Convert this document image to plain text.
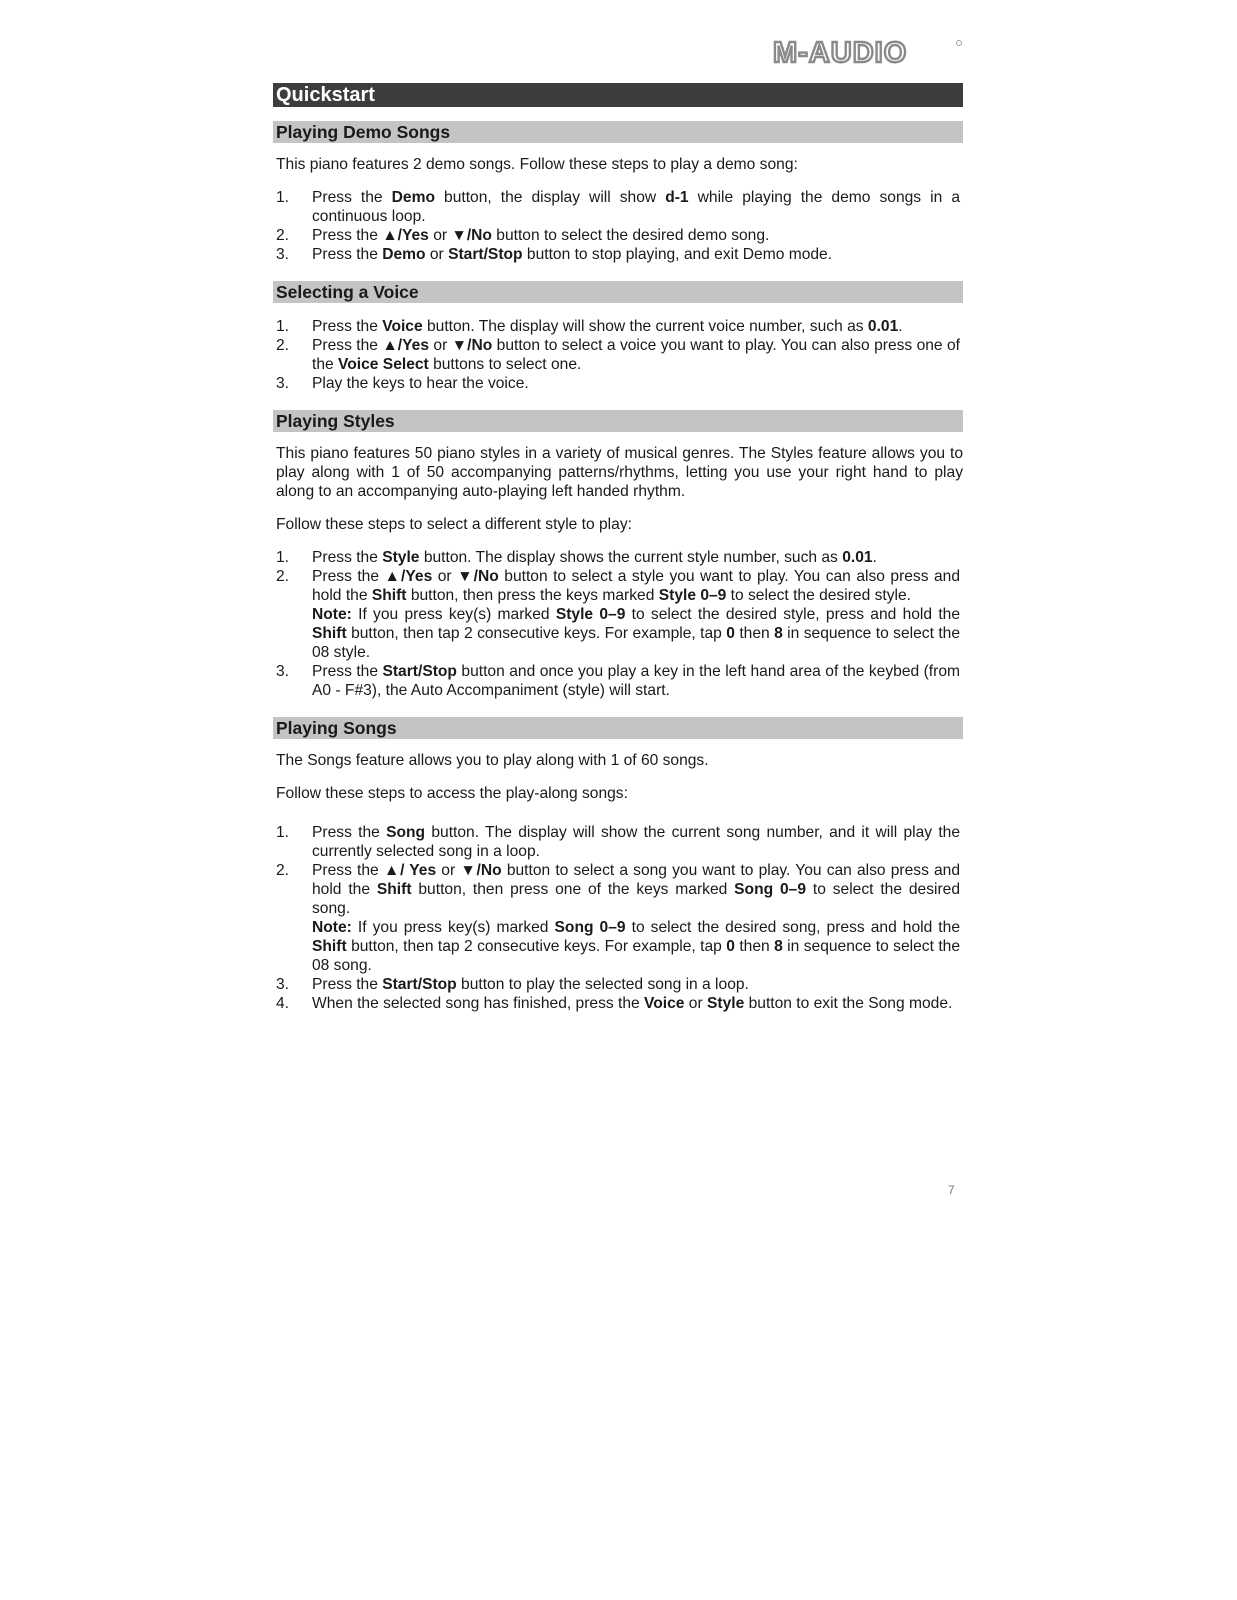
M-AUDIO
Quickstart
Playing Demo Songs

This piano features 2 demo songs. Follow these steps to play a demo song:

1. Press the Demo button, the display will show d-1 while playing the demo songs in a continuous loop.
2. Press the ▲/Yes or ▼/No button to select the desired demo song.
3. Press the Demo or Start/Stop button to stop playing, and exit Demo mode.
Selecting a Voice
1. Press the Voice button. The display will show the current voice number, such as 0.01.
2. Press the ▲/Yes or ▼/No button to select a voice you want to play. You can also press one of the Voice Select buttons to select one.
3. Play the keys to hear the voice.
Playing Styles

This piano features 50 piano styles in a variety of musical genres. The Styles feature allows you to play along with 1 of 50 accompanying patterns/rhythms, letting you use your right hand to play along to an accompanying auto-playing left handed rhythm.

Follow these steps to select a different style to play:

1. Press the Style button. The display shows the current style number, such as 0.01.
2. Press the ▲/Yes or ▼/No button to select a style you want to play. You can also press and hold the Shift button, then press the keys marked Style 0–9 to select the desired style.
Note: If you press key(s) marked Style 0–9 to select the desired style, press and hold the Shift button, then tap 2 consecutive keys. For example, tap 0 then 8 in sequence to select the 08 style.
3. Press the Start/Stop button and once you play a key in the left hand area of the keybed (from A0 - F#3), the Auto Accompaniment (style) will start.
Playing Songs

The Songs feature allows you to play along with 1 of 60 songs.

Follow these steps to access the play-along songs:

1. Press the Song button. The display will show the current song number, and it will play the currently selected song in a loop.
2. Press the ▲/ Yes or ▼/No button to select a song you want to play. You can also press and hold the Shift button, then press one of the keys marked Song 0–9 to select the desired song.
Note: If you press key(s) marked Song 0–9 to select the desired song, press and hold the Shift button, then tap 2 consecutive keys. For example, tap 0 then 8 in sequence to select the 08 song.
3. Press the Start/Stop button to play the selected song in a loop.
4. When the selected song has finished, press the Voice or Style button to exit the Song mode.
7
